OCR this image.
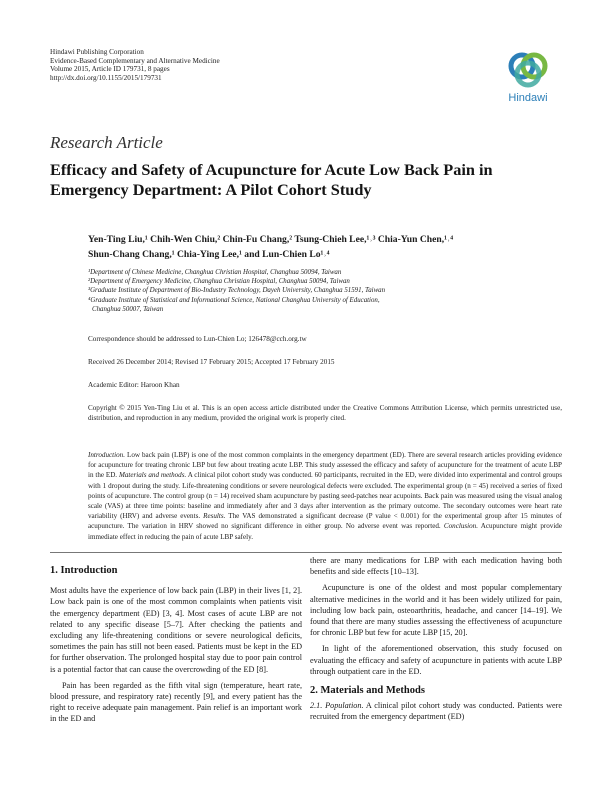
Hindawi Publishing Corporation
Evidence-Based Complementary and Alternative Medicine
Volume 2015, Article ID 179731, 8 pages
http://dx.doi.org/10.1155/2015/179731
Hindawi
Research Article
Efficacy and Safety of Acupuncture for Acute Low Back Pain in Emergency Department: A Pilot Cohort Study
Yen-Ting Liu,¹ Chih-Wen Chiu,² Chin-Fu Chang,² Tsung-Chieh Lee,¹˒³ Chia-Yun Chen,¹˒⁴
Shun-Chang Chang,¹ Chia-Ying Lee,¹ and Lun-Chien Lo¹˒⁴
¹Department of Chinese Medicine, Changhua Christian Hospital, Changhua 50094, Taiwan
²Department of Emergency Medicine, Changhua Christian Hospital, Changhua 50094, Taiwan
³Graduate Institute of Department of Bio-Industry Technology, Dayeh University, Changhua 51591, Taiwan
⁴Graduate Institute of Statistical and Informational Science, National Changhua University of Education,
Changhua 50007, Taiwan
Correspondence should be addressed to Lun-Chien Lo; 126478@cch.org.tw
Received 26 December 2014; Revised 17 February 2015; Accepted 17 February 2015
Academic Editor: Haroon Khan
Copyright © 2015 Yen-Ting Liu et al. This is an open access article distributed under the Creative Commons Attribution License, which permits unrestricted use, distribution, and reproduction in any medium, provided the original work is properly cited.
Introduction. Low back pain (LBP) is one of the most common complaints in the emergency department (ED). There are several research articles providing evidence for acupuncture for treating chronic LBP but few about treating acute LBP. This study assessed the efficacy and safety of acupuncture for the treatment of acute LBP in the ED. Materials and methods. A clinical pilot cohort study was conducted. 60 participants, recruited in the ED, were divided into experimental and control groups with 1 dropout during the study. Life-threatening conditions or severe neurological defects were excluded. The experimental group (n = 45) received a series of fixed points of acupuncture. The control group (n = 14) received sham acupuncture by pasting seed-patches near acupoints. Back pain was measured using the visual analog scale (VAS) at three time points: baseline and immediately after and 3 days after intervention as the primary outcome. The secondary outcomes were heart rate variability (HRV) and adverse events. Results. The VAS demonstrated a significant decrease (P value < 0.001) for the experimental group after 15 minutes of acupuncture. The variation in HRV showed no significant difference in either group. No adverse event was reported. Conclusion. Acupuncture might provide immediate effect in reducing the pain of acute LBP safely.
1. Introduction

Most adults have the experience of low back pain (LBP) in their lives [1, 2]. Low back pain is one of the most common complaints when patients visit the emergency department (ED) [3, 4]. Most cases of acute LBP are not related to any specific disease [5–7]. After checking the patients and excluding any life-threatening conditions or severe neurological deficits, sometimes the pain has still not been eased. Patients must be kept in the ED for further observation. The prolonged hospital stay due to poor pain control is a potential factor that can cause the overcrowding of the ED [8].

Pain has been regarded as the fifth vital sign (temperature, heart rate, blood pressure, and respiratory rate) recently [9], and every patient has the right to receive adequate pain management. Pain relief is an important work in the ED and

there are many medications for LBP with each medication having both benefits and side effects [10–13].

Acupuncture is one of the oldest and most popular complementary alternative medicines in the world and it has been widely utilized for pain, including low back pain, osteoarthritis, headache, and cancer [14–19]. We found that there are many studies assessing the effectiveness of acupuncture for chronic LBP but few for acute LBP [15, 20].

In light of the aforementioned observation, this study focused on evaluating the efficacy and safety of acupuncture in patients with acute LBP through outpatient care in the ED.

2. Materials and Methods

2.1. Population. A clinical pilot cohort study was conducted. Patients were recruited from the emergency department (ED)
